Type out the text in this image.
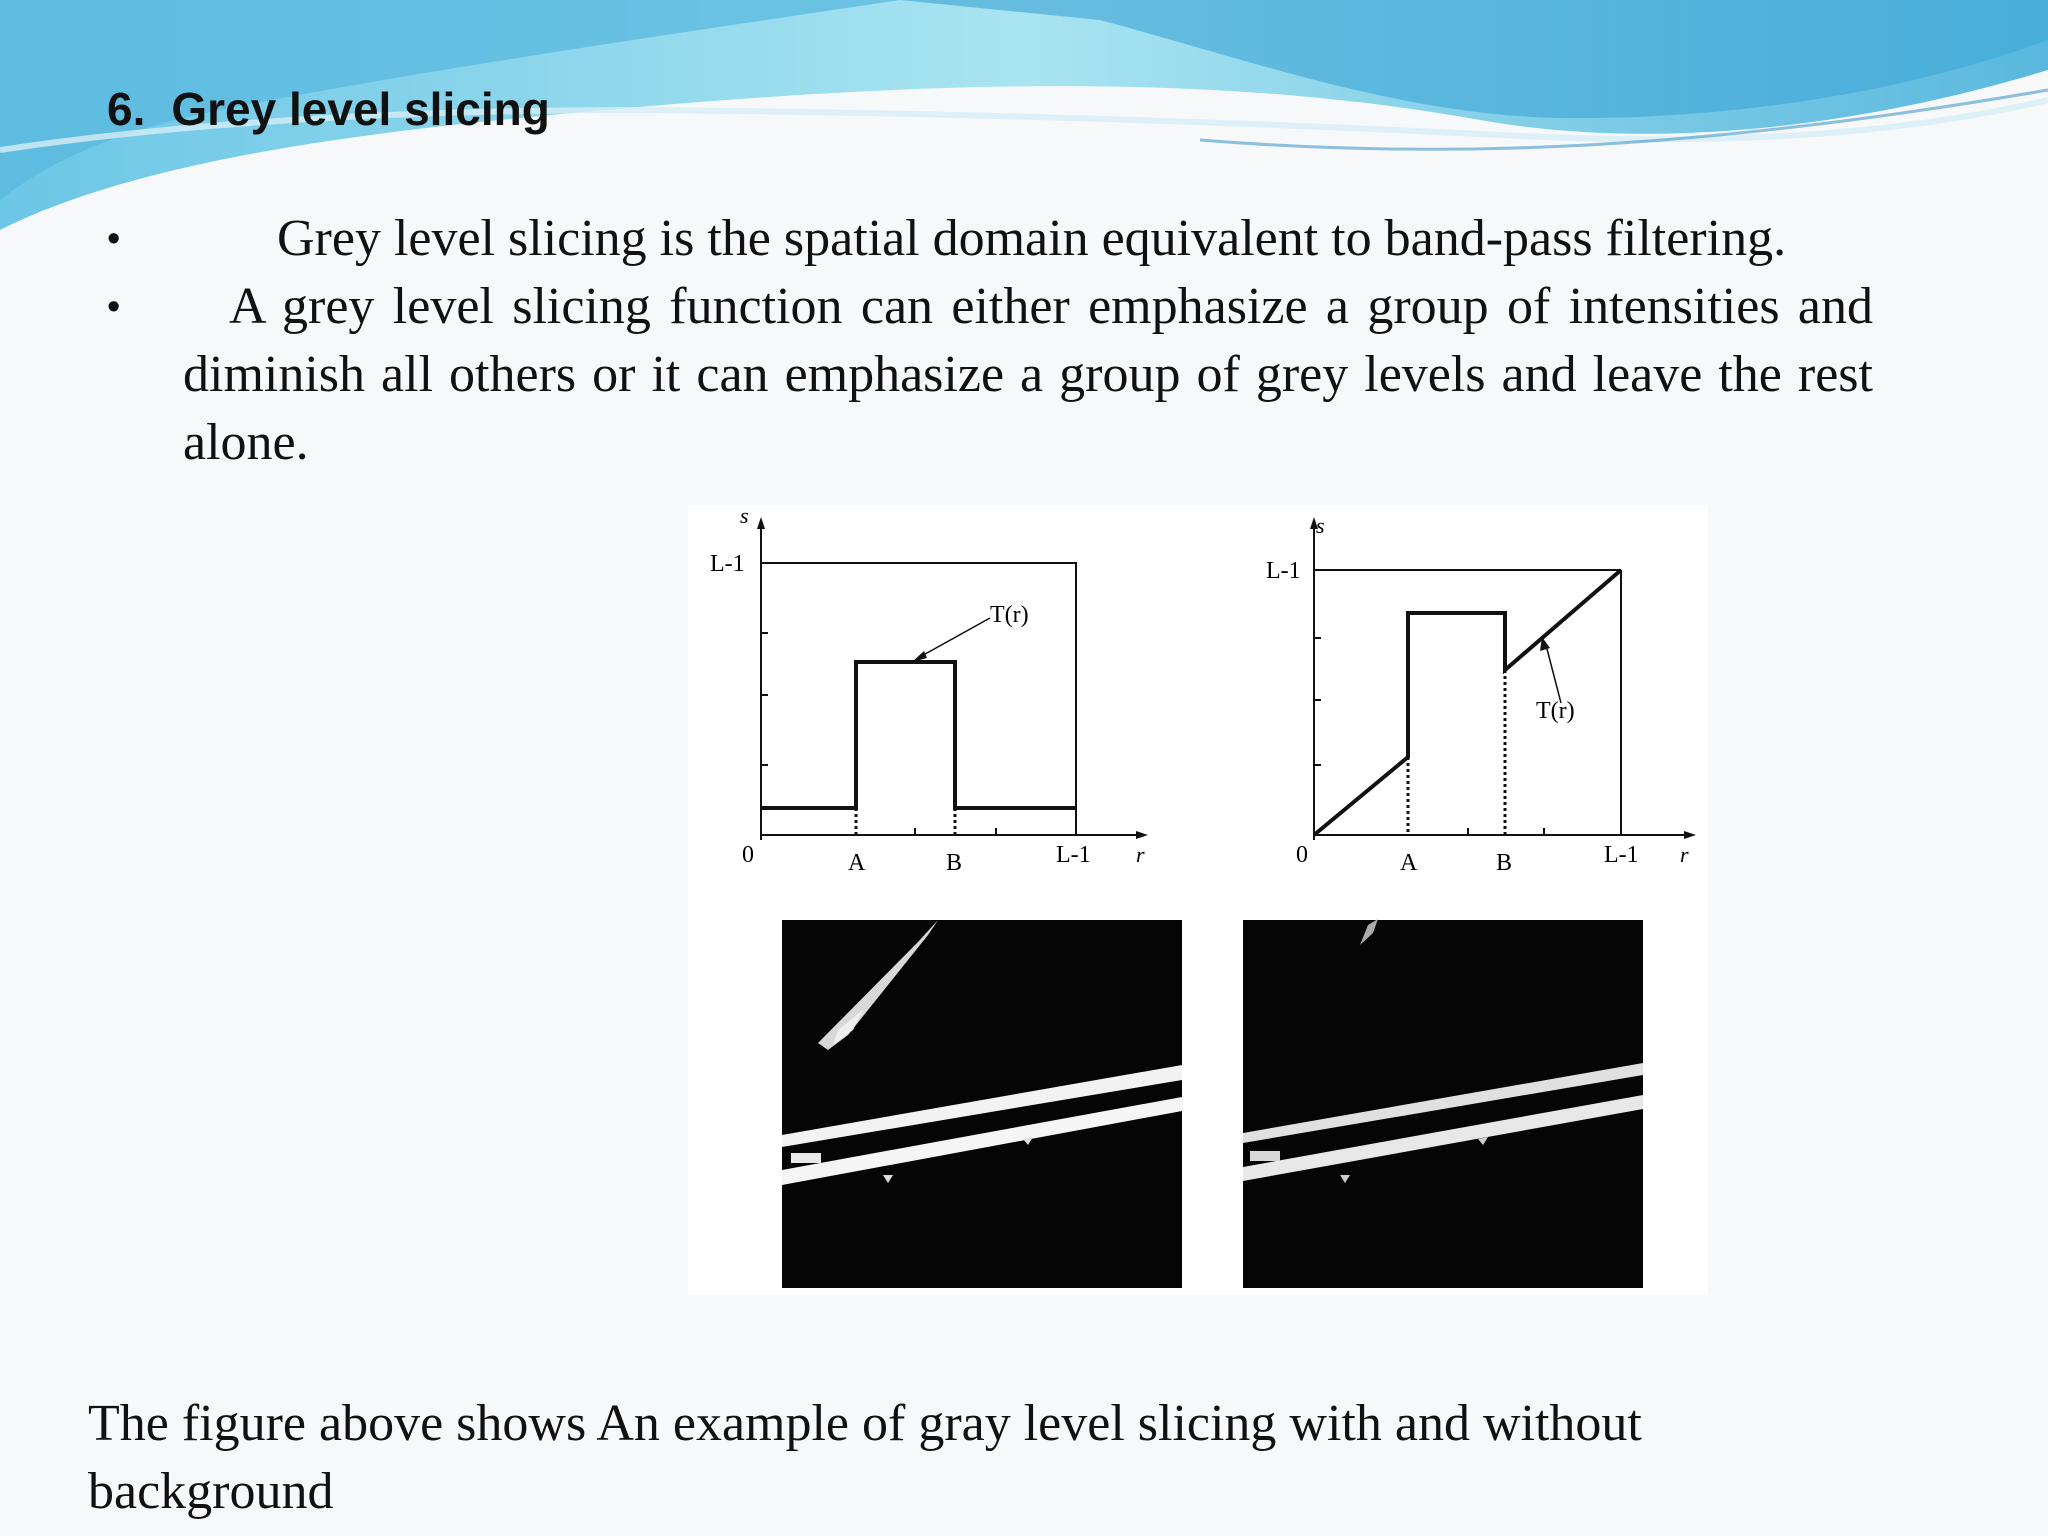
6. Grey level slicing
•	Grey level slicing is the spatial domain equivalent to band-pass filtering.
•	A grey level slicing function can either emphasize a group of intensities and diminish all others or it can emphasize a group of grey levels and leave the rest alone.
s
L-1
T(r)
0	A	B	L-1 r
s
L-1
T(r)
0	A	B	L-1 r
The figure above shows An example of gray level slicing with and without background
